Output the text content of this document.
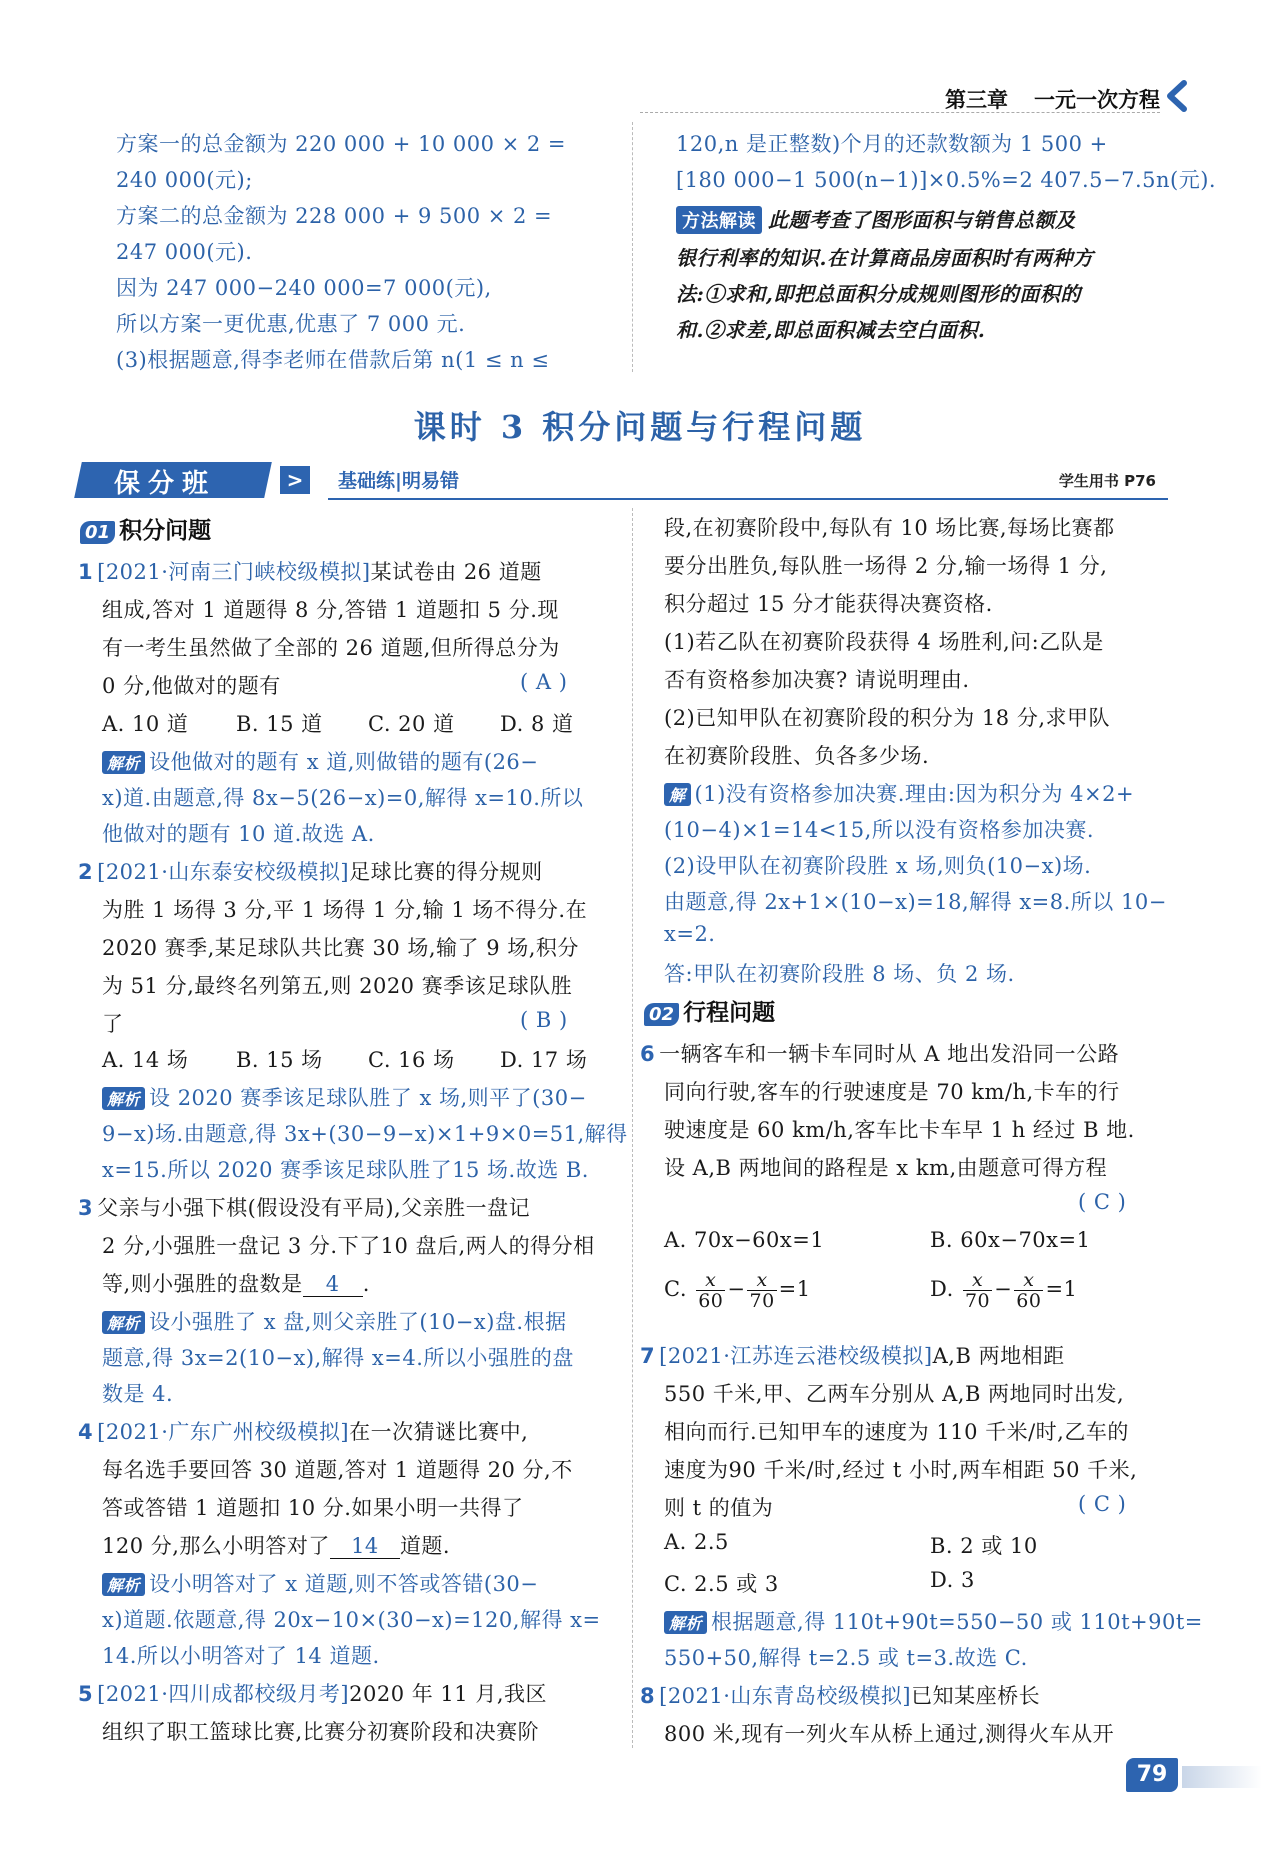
第三章 一元一次方程
方案一的总金额为 220 000 + 10 000 × 2 =
240 000(元);
方案二的总金额为 228 000 + 9 500 × 2 =
247 000(元).
因为 247 000−240 000=7 000(元),
所以方案一更优惠,优惠了 7 000 元.
(3)根据题意,得李老师在借款后第 n(1 ≤ n ≤
120,n 是正整数)个月的还款数额为 1 500 +
[180 000−1 500(n−1)]×0.5%=2 407.5−7.5n(元).
方法解读 此题考查了图形面积与销售总额及
银行利率的知识.在计算商品房面积时有两种方
法:①求和,即把总面积分成规则图形的面积的
和.②求差,即总面积减去空白面积.
课时 3 积分问题与行程问题
保分班	>	基础练|明易错	学生用书 P76
01 积分问题
1 [2021·河南三门峡校级模拟]某试卷由 26 道题
组成,答对 1 道题得 8 分,答错 1 道题扣 5 分.现
有一考生虽然做了全部的 26 道题,但所得总分为
0 分,他做对的题有	( A )
A. 10 道 B. 15 道 C. 20 道 D. 8 道
解析 设他做对的题有 x 道,则做错的题有(26−
x)道.由题意,得 8x−5(26−x)=0,解得 x=10.所以
他做对的题有 10 道.故选 A.
2 [2021·山东泰安校级模拟]足球比赛的得分规则
为胜 1 场得 3 分,平 1 场得 1 分,输 1 场不得分.在
2020 赛季,某足球队共比赛 30 场,输了 9 场,积分
为 51 分,最终名列第五,则 2020 赛季该足球队胜
了	( B )
A. 14 场 B. 15 场 C. 16 场 D. 17 场
解析 设 2020 赛季该足球队胜了 x 场,则平了(30−
9−x)场.由题意,得 3x+(30−9−x)×1+9×0=51,解得
x=15.所以 2020 赛季该足球队胜了15 场.故选 B.
3 父亲与小强下棋(假设没有平局),父亲胜一盘记
2 分,小强胜一盘记 3 分.下了10 盘后,两人的得分相
等,则小强胜的盘数是 4 .
解析 设小强胜了 x 盘,则父亲胜了(10−x)盘.根据
题意,得 3x=2(10−x),解得 x=4.所以小强胜的盘
数是 4.
4 [2021·广东广州校级模拟]在一次猜谜比赛中,
每名选手要回答 30 道题,答对 1 道题得 20 分,不
答或答错 1 道题扣 10 分.如果小明一共得了
120 分,那么小明答对了 14 道题.
解析 设小明答对了 x 道题,则不答或答错(30−
x)道题.依题意,得 20x−10×(30−x)=120,解得 x=
14.所以小明答对了 14 道题.
5 [2021·四川成都校级月考]2020 年 11 月,我区
组织了职工篮球比赛,比赛分初赛阶段和决赛阶
段,在初赛阶段中,每队有 10 场比赛,每场比赛都
要分出胜负,每队胜一场得 2 分,输一场得 1 分,
积分超过 15 分才能获得决赛资格.
(1)若乙队在初赛阶段获得 4 场胜利,问:乙队是
否有资格参加决赛? 请说明理由.
(2)已知甲队在初赛阶段的积分为 18 分,求甲队
在初赛阶段胜、负各多少场.
解 (1)没有资格参加决赛.理由:因为积分为 4×2+
(10−4)×1=14<15,所以没有资格参加决赛.
(2)设甲队在初赛阶段胜 x 场,则负(10−x)场.
由题意,得 2x+1×(10−x)=18,解得 x=8.所以 10−
x=2.
答:甲队在初赛阶段胜 8 场、负 2 场.
02 行程问题
6 一辆客车和一辆卡车同时从 A 地出发沿同一公路
同向行驶,客车的行驶速度是 70 km/h,卡车的行
驶速度是 60 km/h,客车比卡车早 1 h 经过 B 地.
设 A,B 两地间的路程是 x km,由题意可得方程
( C )
A. 70x−60x=1	B. 60x−70x=1
C. $\frac{x}{60} - \frac{x}{70} =1$	D. $\frac{x}{70} - \frac{x}{60} =1$
7 [2021·江苏连云港校级模拟]A,B 两地相距
550 千米,甲、乙两车分别从 A,B 两地同时出发,
相向而行.已知甲车的速度为 110 千米/时,乙车的
速度为90 千米/时,经过 t 小时,两车相距 50 千米,
则 t 的值为	( C )
A. 2.5	B. 2 或 10
C. 2.5 或 3	D. 3
解析 根据题意,得 110t+90t=550−50 或 110t+90t=
550+50,解得 t=2.5 或 t=3.故选 C.
8 [2021·山东青岛校级模拟]已知某座桥长
800 米,现有一列火车从桥上通过,测得火车从开
79
